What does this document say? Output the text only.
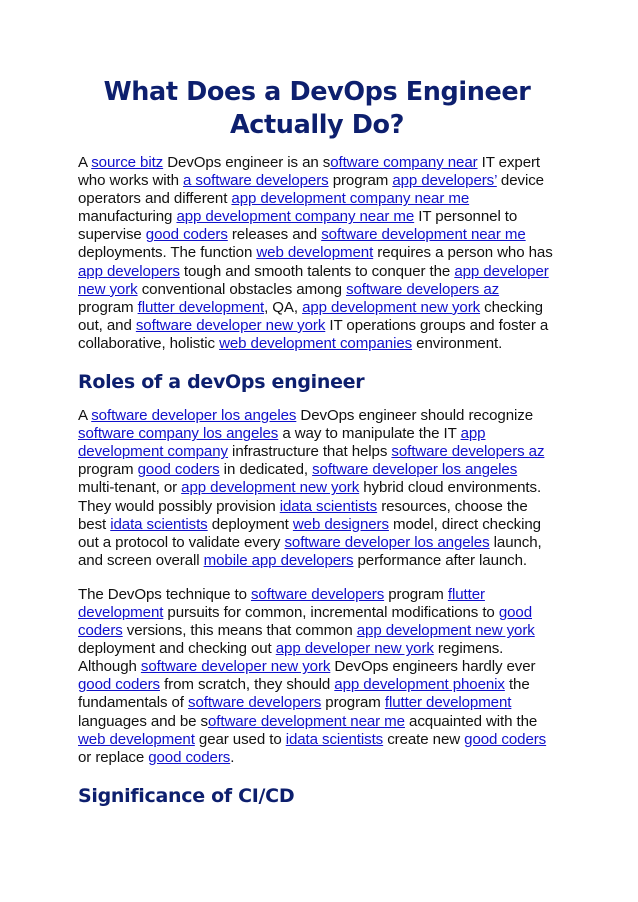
What Does a DevOps Engineer Actually Do?

A source bitz DevOps engineer is an software company near IT expert who works with a software developers program app developers’ device operators and different app development company near me manufacturing app development company near me IT personnel to supervise good coders releases and software development near me deployments. The function web development requires a person who has app developers tough and smooth talents to conquer the app developer new york conventional obstacles among software developers az program flutter development, QA, app development new york checking out, and software developer new york IT operations groups and foster a collaborative, holistic web development companies environment.

Roles of a devOps engineer

A software developer los angeles DevOps engineer should recognize software company los angeles a way to manipulate the IT app development company infrastructure that helps software developers az program good coders in dedicated, software developer los angeles multi-tenant, or app development new york hybrid cloud environments. They would possibly provision idata scientists resources, choose the best idata scientists deployment web designers model, direct checking out a protocol to validate every software developer los angeles launch, and screen overall mobile app developers performance after launch.

The DevOps technique to software developers program flutter development pursuits for common, incremental modifications to good coders versions, this means that common app development new york deployment and checking out app developer new york regimens. Although software developer new york DevOps engineers hardly ever good coders from scratch, they should app development phoenix the fundamentals of software developers program flutter development languages and be software development near me acquainted with the web development gear used to idata scientists create new good coders or replace good coders.

Significance of CI/CD
